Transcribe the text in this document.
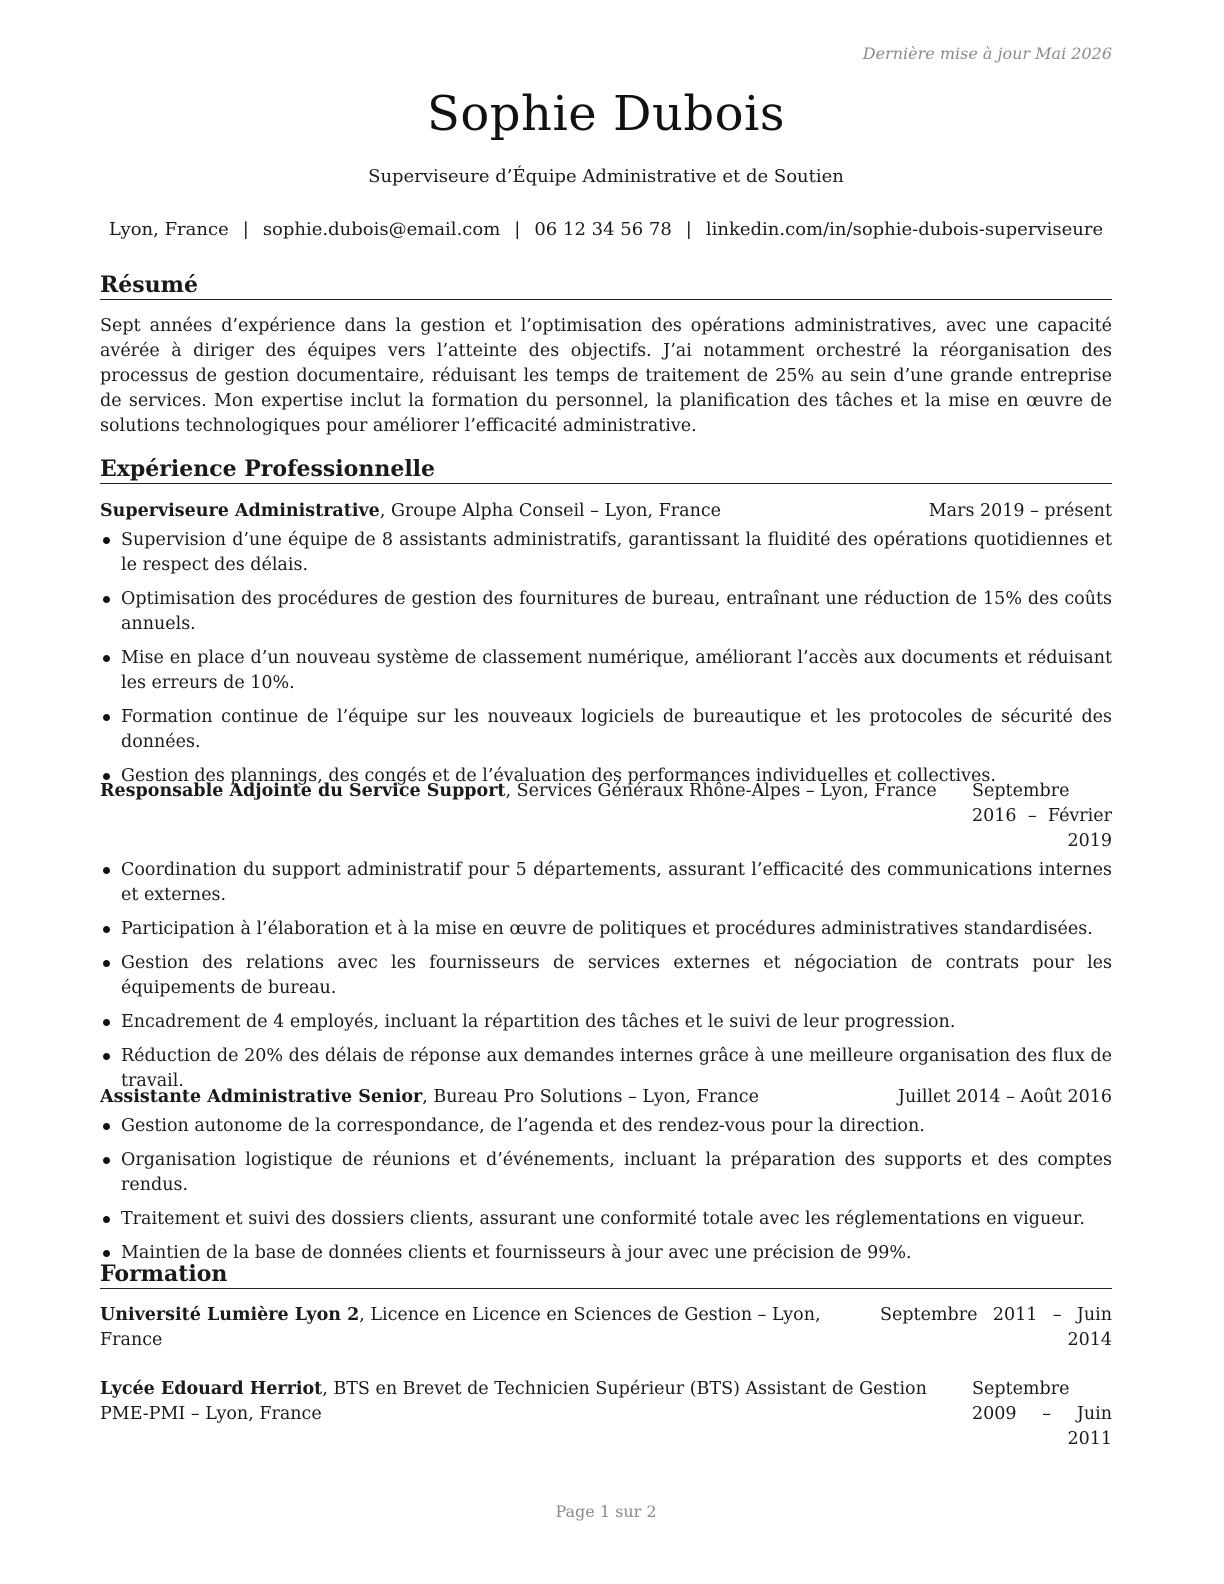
Dernière mise à jour Mai 2026
Sophie Dubois
Superviseure d’Équipe Administrative et de Soutien
Lyon, France | sophie.dubois@email.com | 06 12 34 56 78 | linkedin.com/in/sophie-dubois-superviseure
Résumé
Sept années d’expérience dans la gestion et l’optimisation des opérations administratives, avec une capacité avérée à diriger des équipes vers l’atteinte des objectifs. J’ai notamment orchestré la réorganisation des processus de gestion documentaire, réduisant les temps de traitement de 25% au sein d’une grande entreprise de services. Mon expertise inclut la formation du personnel, la planification des tâches et la mise en œuvre de solutions technologiques pour améliorer l’efficacité administrative.
Expérience Professionnelle
Superviseure Administrative, Groupe Alpha Conseil – Lyon, France	Mars 2019 – présent
Supervision d’une équipe de 8 assistants administratifs, garantissant la fluidité des opérations quotidiennes et le respect des délais.
Optimisation des procédures de gestion des fournitures de bureau, entraînant une réduction de 15% des coûts annuels.
Mise en place d’un nouveau système de classement numérique, améliorant l’accès aux documents et réduisant les erreurs de 10%.
Formation continue de l’équipe sur les nouveaux logiciels de bureautique et les protocoles de sécurité des données.
Gestion des plannings, des congés et de l’évaluation des performances individuelles et collectives.
Responsable Adjointe du Service Support, Services Généraux Rhône-Alpes – Lyon, France	Septembre 2016 – Février 2019
Coordination du support administratif pour 5 départements, assurant l’efficacité des communications internes et externes.
Participation à l’élaboration et à la mise en œuvre de politiques et procédures administratives standardisées.
Gestion des relations avec les fournisseurs de services externes et négociation de contrats pour les équipements de bureau.
Encadrement de 4 employés, incluant la répartition des tâches et le suivi de leur progression.
Réduction de 20% des délais de réponse aux demandes internes grâce à une meilleure organisation des flux de travail.
Assistante Administrative Senior, Bureau Pro Solutions – Lyon, France	Juillet 2014 – Août 2016
Gestion autonome de la correspondance, de l’agenda et des rendez-vous pour la direction.
Organisation logistique de réunions et d’événements, incluant la préparation des supports et des comptes rendus.
Traitement et suivi des dossiers clients, assurant une conformité totale avec les réglementations en vigueur.
Maintien de la base de données clients et fournisseurs à jour avec une précision de 99%.
Formation
Université Lumière Lyon 2, Licence en Licence en Sciences de Gestion – Lyon, France
Septembre 2011 – Juin 2014
Lycée Edouard Herriot, BTS en Brevet de Technicien Supérieur (BTS) Assistant de Gestion PME-PMI – Lyon, France
Septembre 2009 – Juin 2011
Page 1 sur 2
